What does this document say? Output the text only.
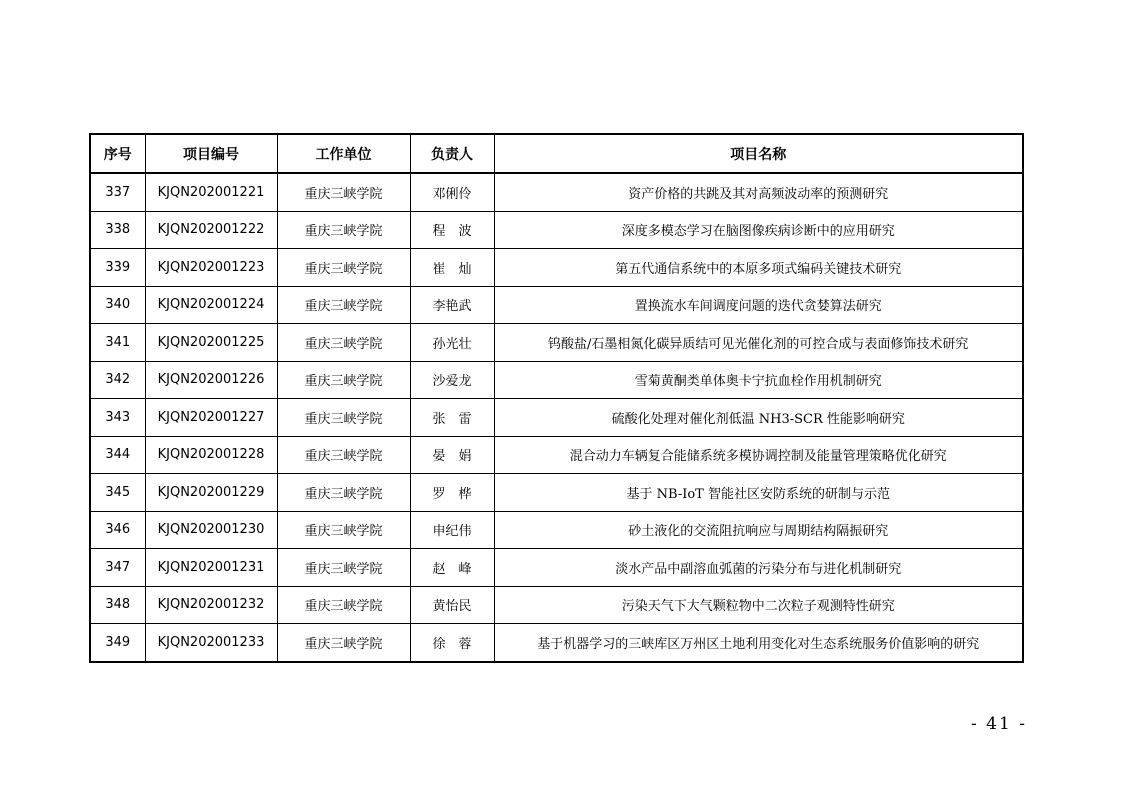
序号	项目编号	工作单位	负责人	项目名称
337	KJQN202001221	重庆三峡学院	邓俐伶	资产价格的共跳及其对高频波动率的预测研究
338	KJQN202001222	重庆三峡学院	程　波	深度多模态学习在脑图像疾病诊断中的应用研究
339	KJQN202001223	重庆三峡学院	崔　灿	第五代通信系统中的本原多项式编码关键技术研究
340	KJQN202001224	重庆三峡学院	李艳武	置换流水车间调度问题的迭代贪婪算法研究
341	KJQN202001225	重庆三峡学院	孙光壮	钨酸盐/石墨相氮化碳异质结可见光催化剂的可控合成与表面修饰技术研究
342	KJQN202001226	重庆三峡学院	沙爱龙	雪菊黄酮类单体奥卡宁抗血栓作用机制研究
343	KJQN202001227	重庆三峡学院	张　雷	硫酸化处理对催化剂低温 NH3-SCR 性能影响研究
344	KJQN202001228	重庆三峡学院	晏　娟	混合动力车辆复合能储系统多模协调控制及能量管理策略优化研究
345	KJQN202001229	重庆三峡学院	罗　桦	基于 NB-IoT 智能社区安防系统的研制与示范
346	KJQN202001230	重庆三峡学院	申纪伟	砂土液化的交流阻抗响应与周期结构隔振研究
347	KJQN202001231	重庆三峡学院	赵　峰	淡水产品中副溶血弧菌的污染分布与进化机制研究
348	KJQN202001232	重庆三峡学院	黄怡民	污染天气下大气颗粒物中二次粒子观测特性研究
349	KJQN202001233	重庆三峡学院	徐　蓉	基于机器学习的三峡库区万州区土地利用变化对生态系统服务价值影响的研究
- 41 -
